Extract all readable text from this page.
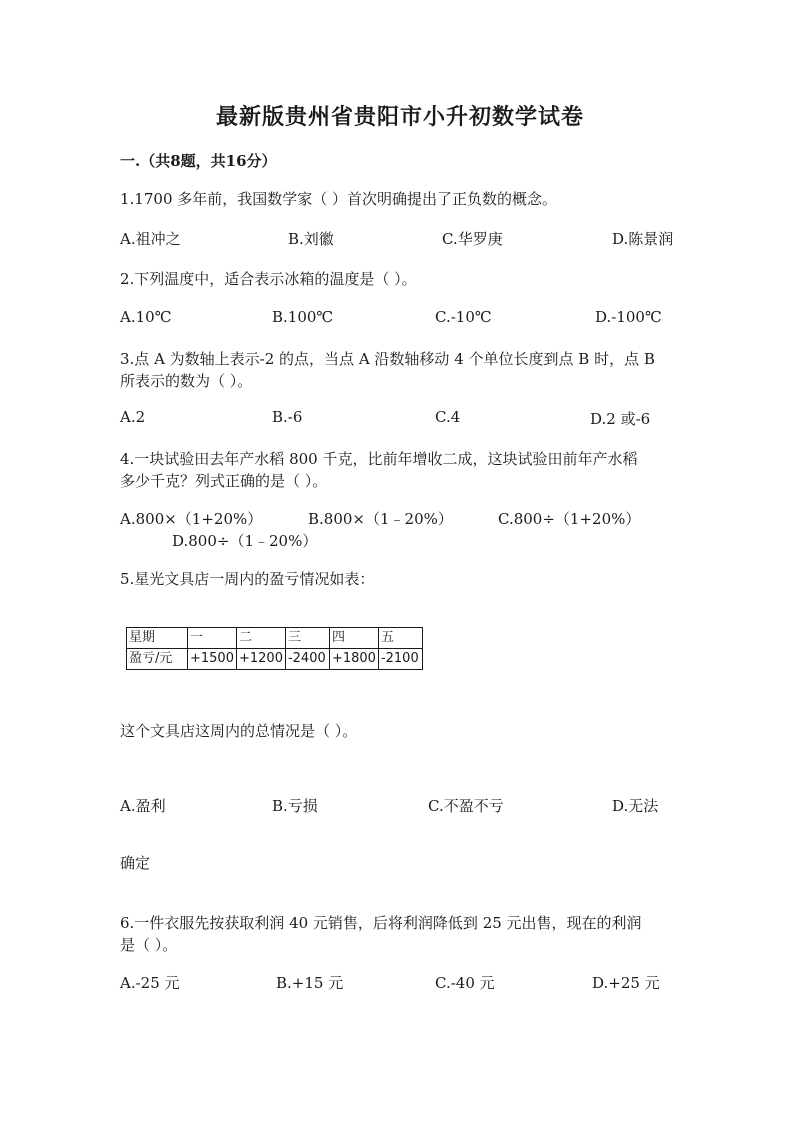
最新版贵州省贵阳市小升初数学试卷
一.（共8题，共16分）
1.1700 多年前，我国数学家（ ）首次明确提出了正负数的概念。
A.祖冲之	B.刘徽	C.华罗庚	D.陈景润
2.下列温度中，适合表示冰箱的温度是（ ）。
A.10℃	B.100℃	C.-10℃	D.-100℃
3.点 A 为数轴上表示-2 的点，当点 A 沿数轴移动 4 个单位长度到点 B 时，点 B
所表示的数为（ ）。
A.2	B.-6	C.4	D.2 或-6
4.一块试验田去年产水稻 800 千克，比前年增收二成，这块试验田前年产水稻
多少千克？列式正确的是（ ）。
A.800×（1+20%）	B.800×（1﹣20%）	C.800÷（1+20%）
D.800÷（1﹣20%）
5.星光文具店一周内的盈亏情况如表：
星期	一	二	三	四	五
盈亏/元	+1500	+1200	-2400	+1800	-2100
这个文具店这周内的总情况是（ ）。
A.盈利	B.亏损	C.不盈不亏	D.无法
确定
6.一件衣服先按获取利润 40 元销售，后将利润降低到 25 元出售，现在的利润
是（ ）。
A.-25 元	B.+15 元	C.-40 元	D.+25 元
